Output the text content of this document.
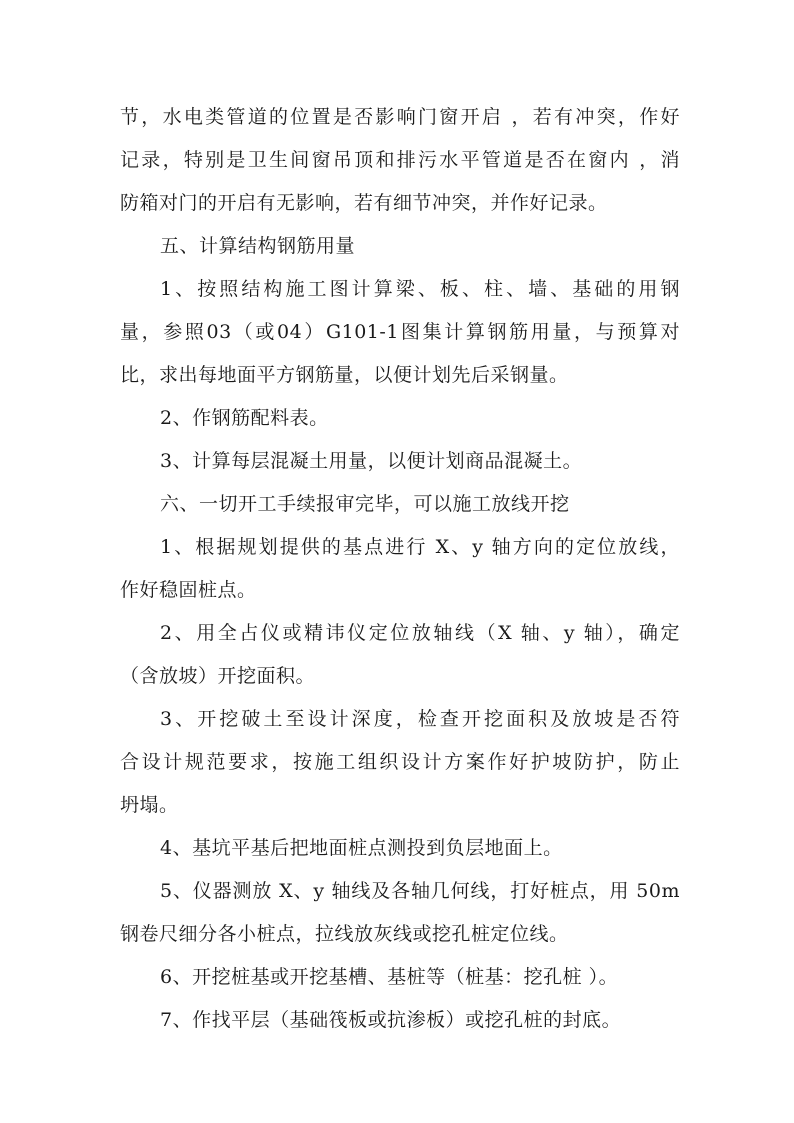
节，水电类管道的位置是否影响门窗开启 ，若有冲突，作好
记录，特别是卫生间窗吊顶和排污水平管道是否在窗内 ，消
防箱对门的开启有无影响，若有细节冲突，并作好记录。
五、计算结构钢筋用量
1、按照结构施工图计算梁、板、柱、墙、基础的用钢
量，参照03（或04）G101-1图集计算钢筋用量，与预算对
比，求出每地面平方钢筋量，以便计划先后采钢量。
2、作钢筋配料表。
3、计算每层混凝土用量，以便计划商品混凝土。
六、一切开工手续报审完毕，可以施工放线开挖
1、根据规划提供的基点进行 X、y 轴方向的定位放线，
作好稳固桩点。
2、用全占仪或精讳仪定位放轴线（X 轴、y 轴），确定
（含放坡）开挖面积。
3、开挖破土至设计深度，检查开挖面积及放坡是否符
合设计规范要求，按施工组织设计方案作好护坡防护，防止
坍塌。
4、基坑平基后把地面桩点测投到负层地面上。
5、仪器测放 X、y 轴线及各轴几何线，打好桩点，用 50m
钢卷尺细分各小桩点，拉线放灰线或挖孔桩定位线。
6、开挖桩基或开挖基槽、基桩等（桩基：挖孔桩 ）。
7、作找平层（基础筏板或抗渗板）或挖孔桩的封底。
